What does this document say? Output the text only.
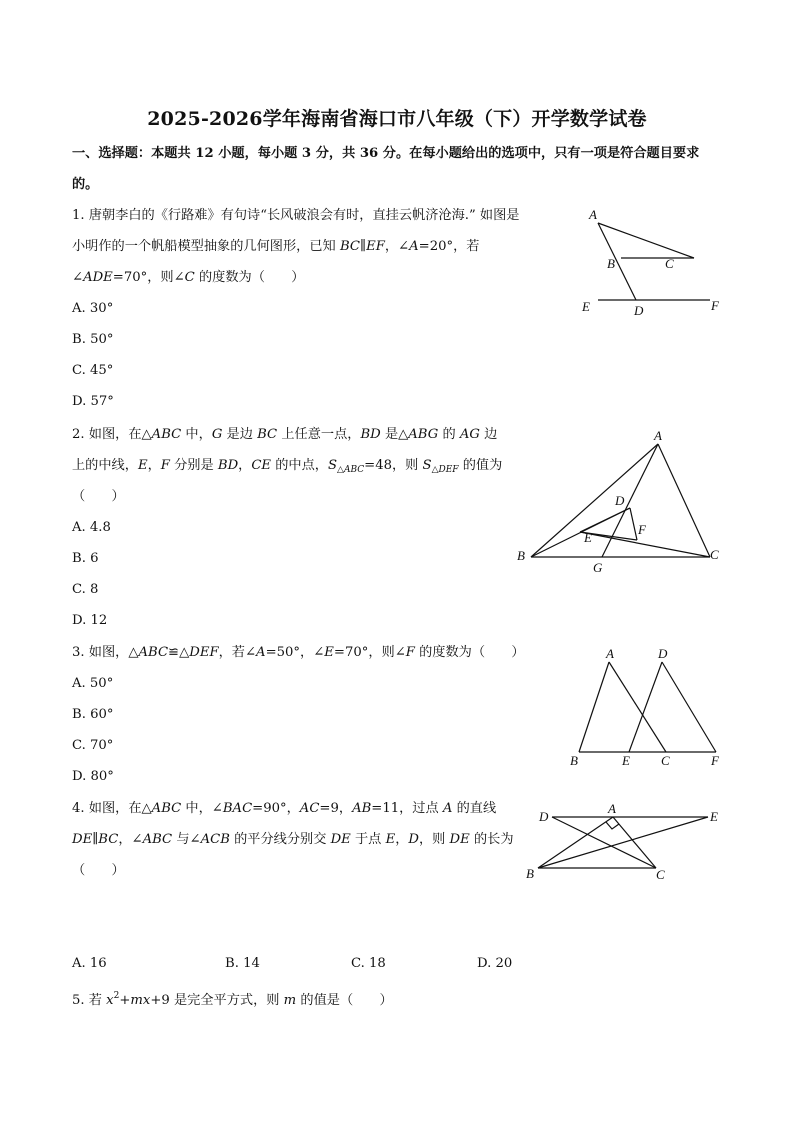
2025-2026学年海南省海口市八年级（下）开学数学试卷
一、选择题：本题共 12 小题，每小题 3 分，共 36 分。在每小题给出的选项中，只有一项是符合题目要求
的。
1. 唐朝李白的《行路难》有句诗“长风破浪会有时，直挂云帆济沧海.” 如图是
小明作的一个帆船模型抽象的几何图形，已知 BC∥EF，∠A=20°，若
∠ADE=70°，则∠C 的度数为（　　）
A. 30°
B. 50°
C. 45°
D. 57°
A
B	C
D
E	F
2. 如图，在△ABC 中，G 是边 BC 上任意一点，BD 是△ABG 的 AG 边
上的中线，E，F 分别是 BD，CE 的中点，$S_{\triangle ABC}=48$，则 $S_{\triangle DEF}$ 的值为
（　　）
A. 4.8
B. 6
C. 8
D. 12
A
B	C
D
E
F
G
3. 如图，△ABC≌△DEF，若∠A=50°，∠E=70°，则∠F 的度数为（　　）
A. 50°
B. 60°
C. 70°
D. 80°
A
B	C
D
E	F
4. 如图，在△ABC 中，∠BAC=90°，AC=9，AB=11，过点 A 的直线
DE∥BC，∠ABC 与∠ACB 的平分线分别交 DE 于点 E，D，则 DE 的长为
（　　）
A. 16	B. 14	C. 18	D. 20
A
B	C
D	E
5. 若 $x^2+mx+9$ 是完全平方式，则 m 的值是（　　）
